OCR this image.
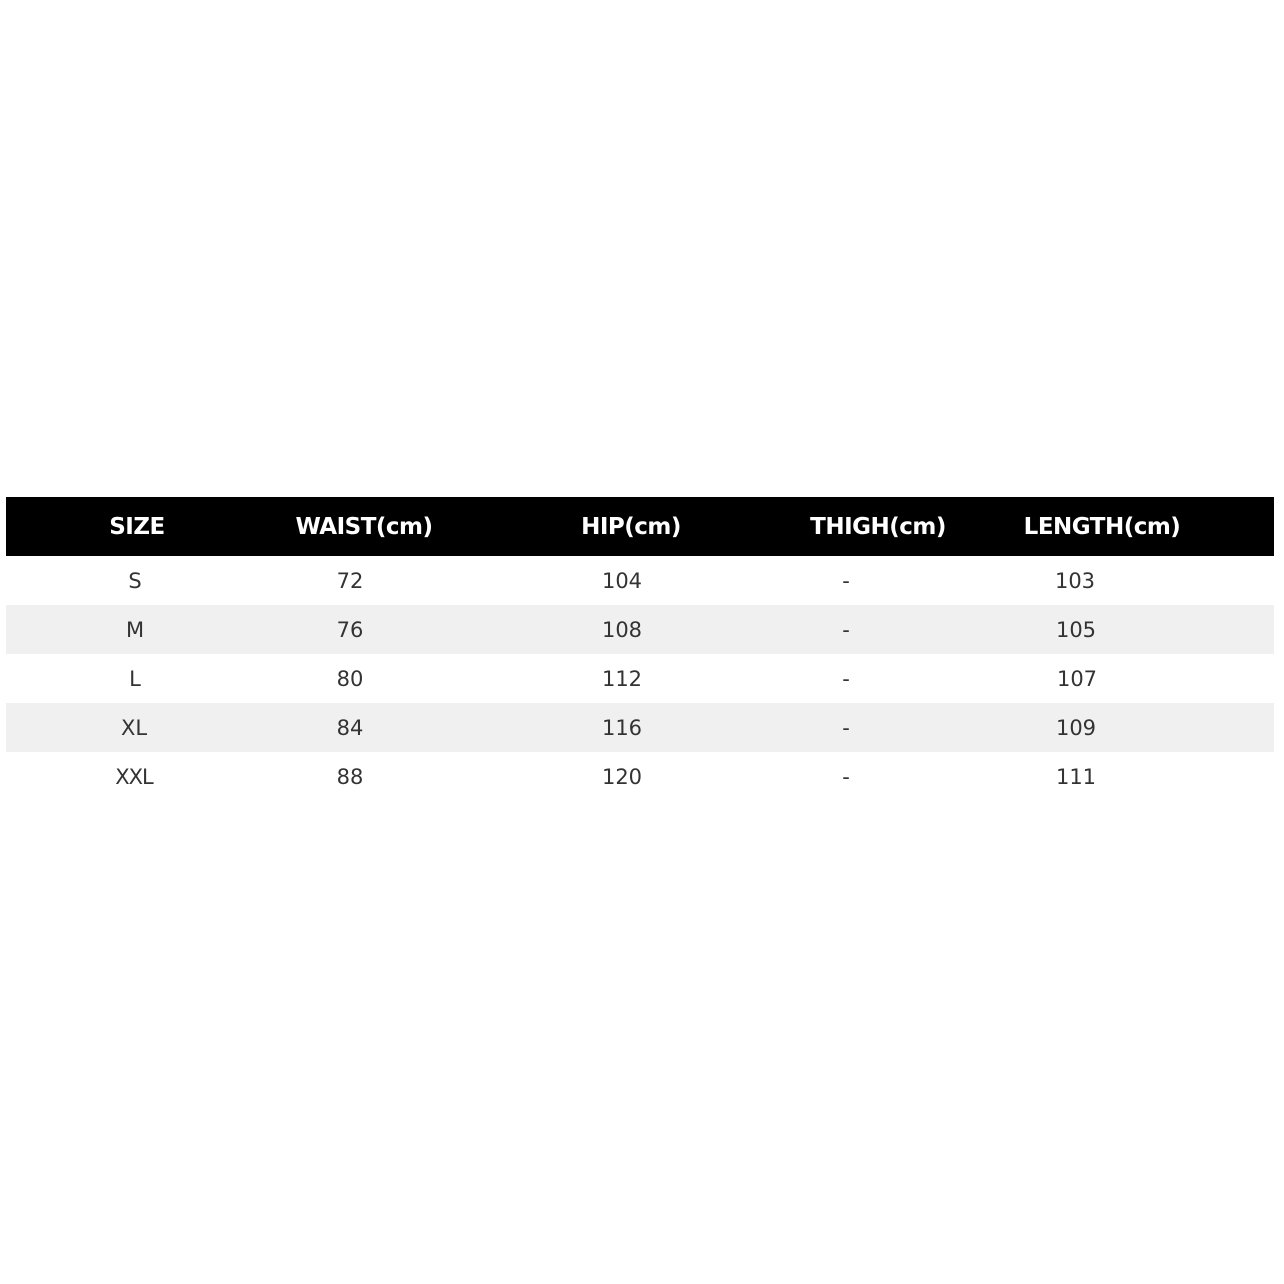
SIZE	WAIST(cm)	HIP(cm)	THIGH(cm)	LENGTH(cm)
S	72	104	-	103
M	76	108	-	105
L	80	112	-	107
XL	84	116	-	109
XXL	88	120	-	111
